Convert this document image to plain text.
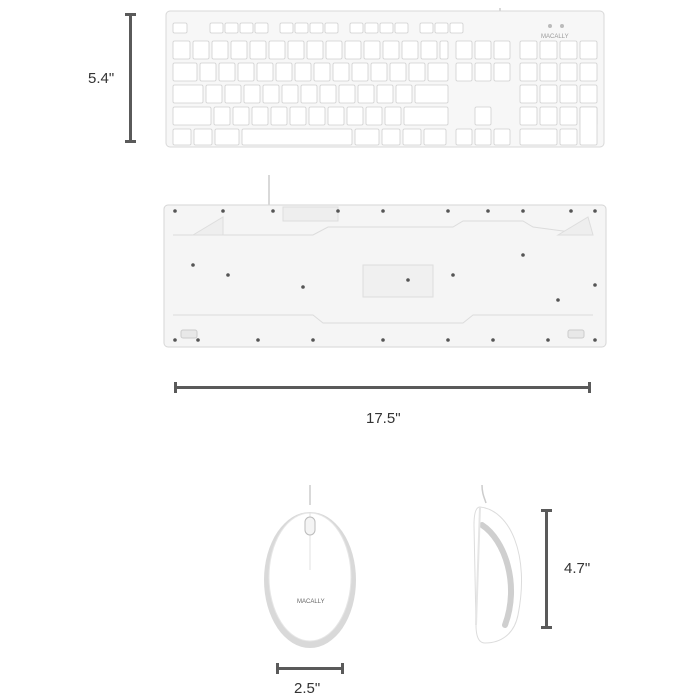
5.4"
MACALLY
17.5"
MACALLY
2.5"
4.7"
